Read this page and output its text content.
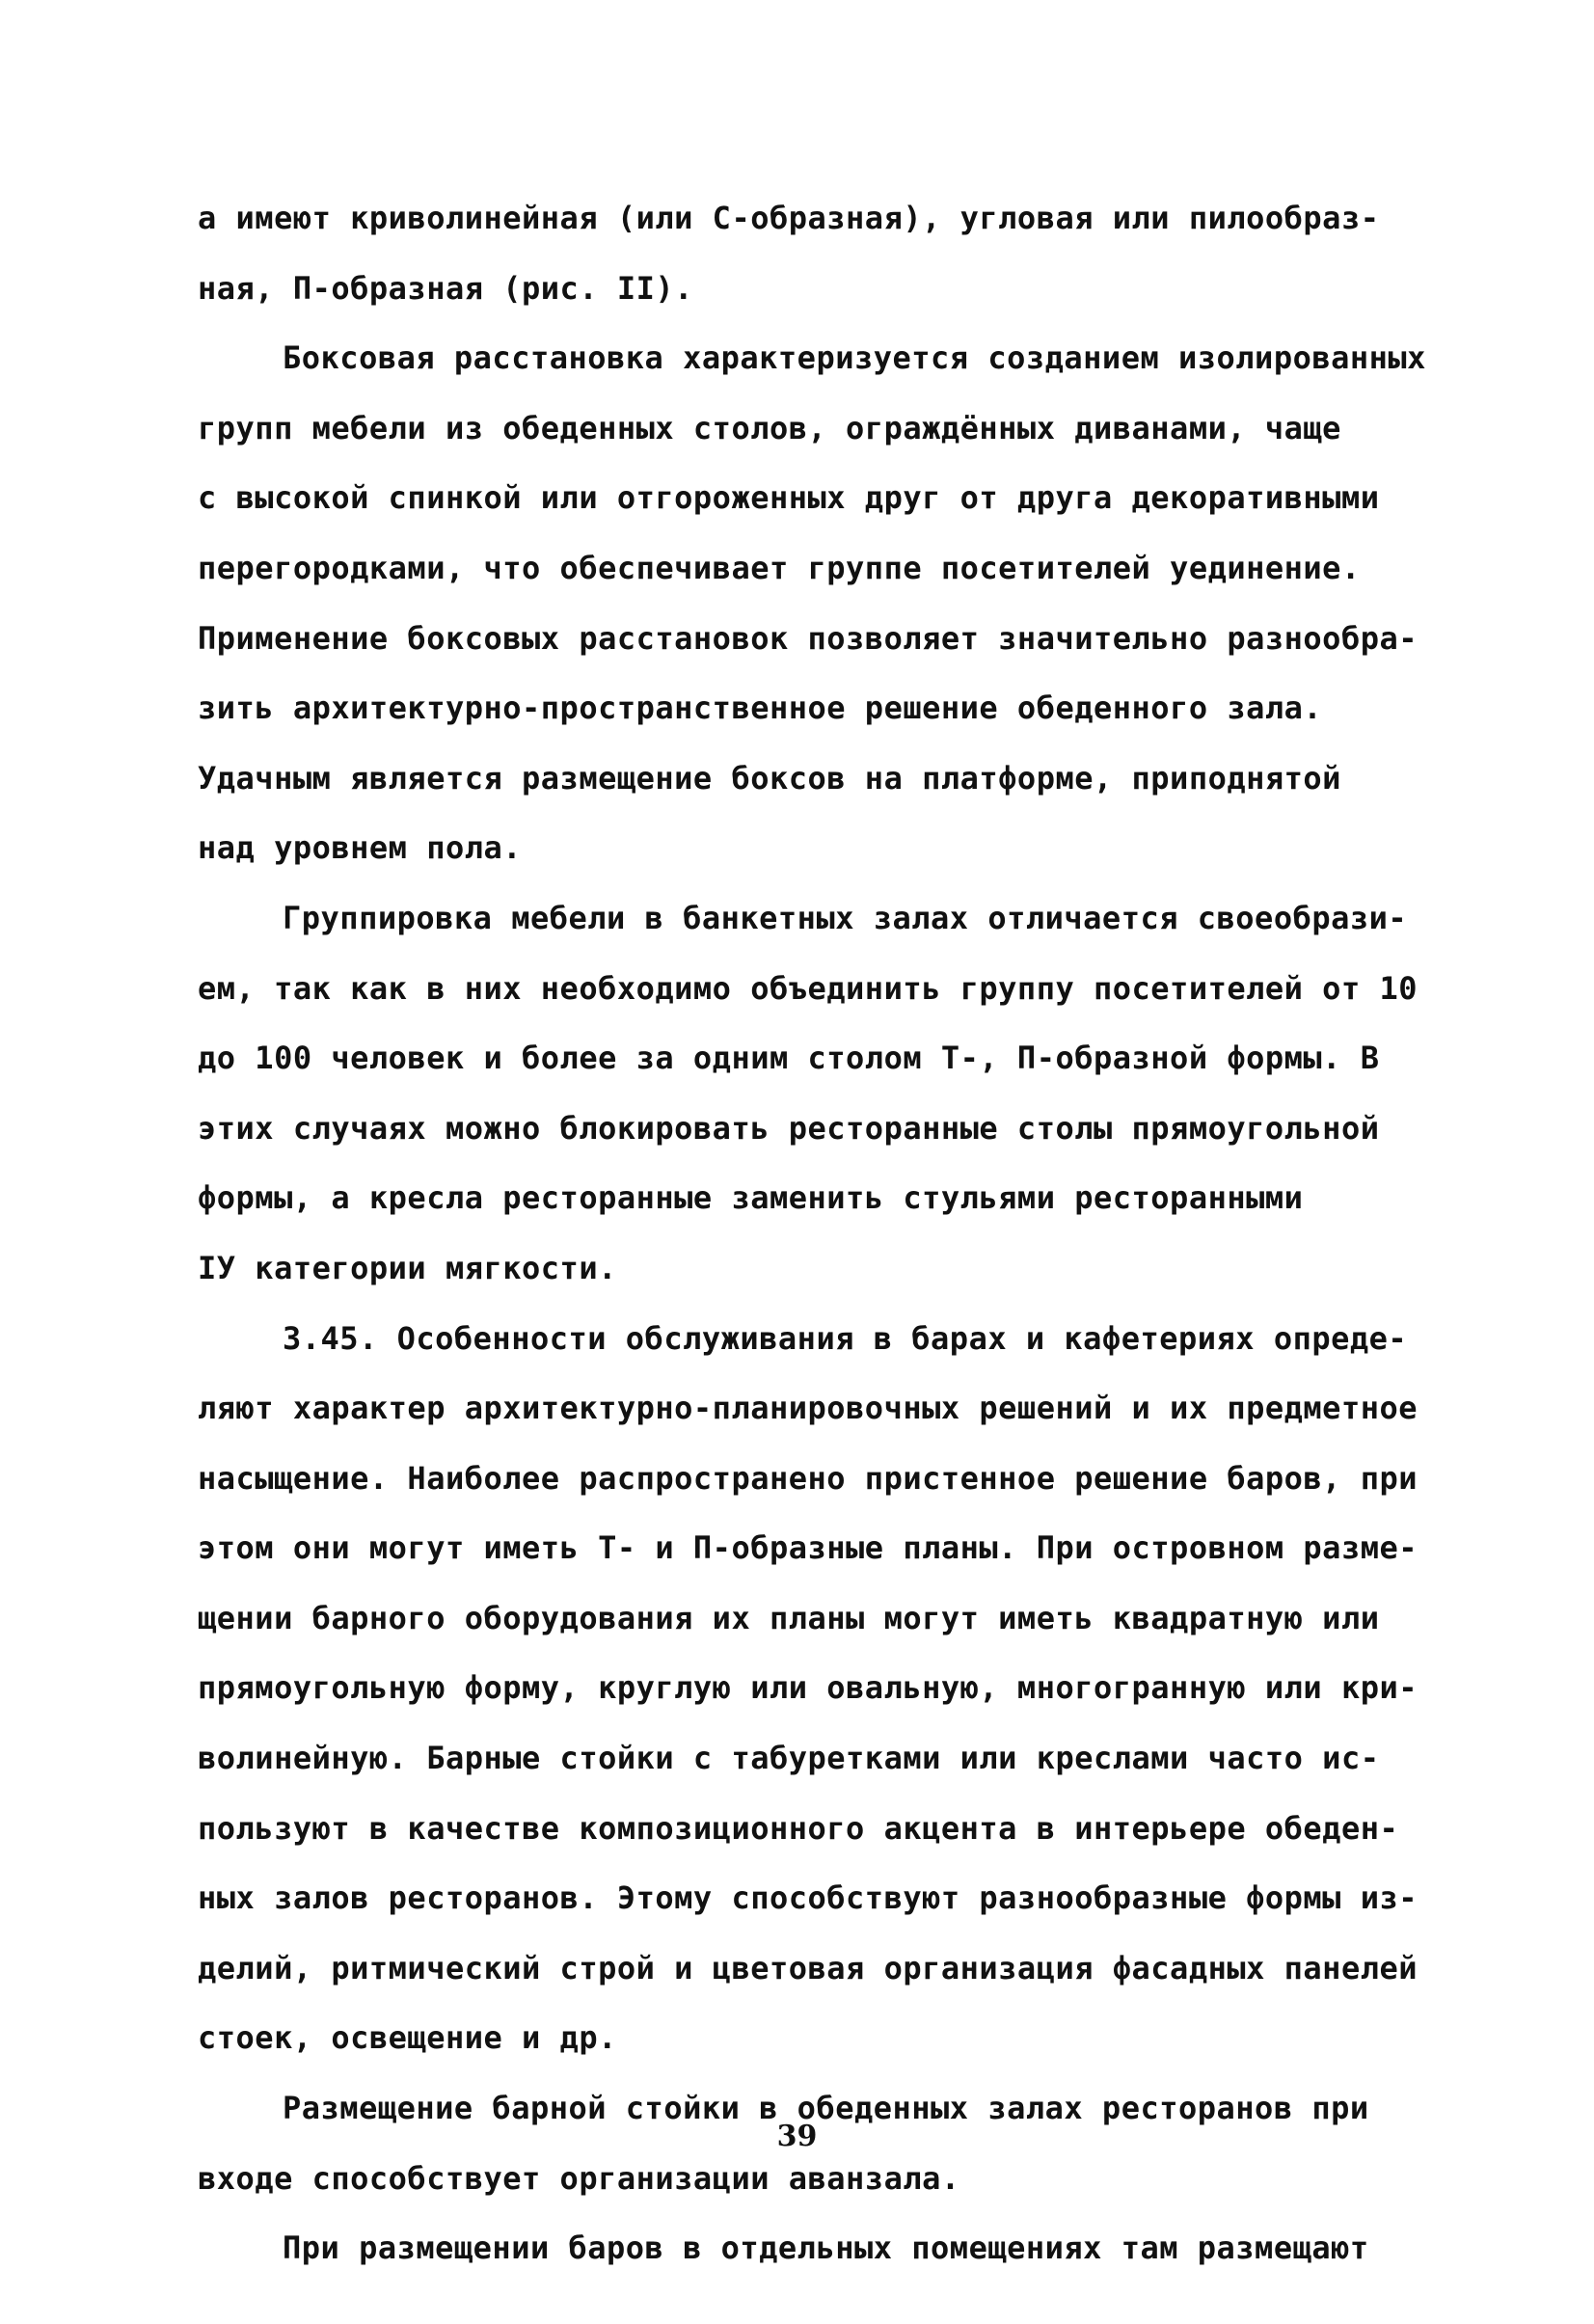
а имеют криволинейная (или С-образная), угловая или пилообраз-
ная, П-образная (рис. II).
Боксовая расстановка характеризуется созданием изолированных
групп мебели из обеденных столов, ограждённых диванами, чаще
с высокой спинкой или отгороженных друг от друга декоративными
перегородками, что обеспечивает группе посетителей уединение.
Применение боксовых расстановок позволяет значительно разнообра-
зить архитектурно-пространственное решение обеденного зала.
Удачным является размещение боксов на платформе, приподнятой
над уровнем пола.
Группировка мебели в банкетных залах отличается своеобрази-
ем, так как в них необходимо объединить группу посетителей от 10
до 100 человек и более за одним столом Т-, П-образной формы. В
этих случаях можно блокировать ресторанные столы прямоугольной
формы, а кресла ресторанные заменить стульями ресторанными
IУ категории мягкости.
3.45. Особенности обслуживания в барах и кафетериях опреде-
ляют характер архитектурно-планировочных решений и их предметное
насыщение. Наиболее распространено пристенное решение баров, при
этом они могут иметь Т- и П-образные планы. При островном разме-
щении барного оборудования их планы могут иметь квадратную или
прямоугольную форму, круглую или овальную, многогранную или кри-
волинейную. Барные стойки с табуретками или креслами часто ис-
пользуют в качестве композиционного акцента в интерьере обеден-
ных залов ресторанов. Этому способствуют разнообразные формы из-
делий, ритмический строй и цветовая организация фасадных панелей
стоек, освещение и др.
Размещение барной стойки в обеденных залах ресторанов при
входе способствует организации аванзала.
При размещении баров в отдельных помещениях там размещают
39
